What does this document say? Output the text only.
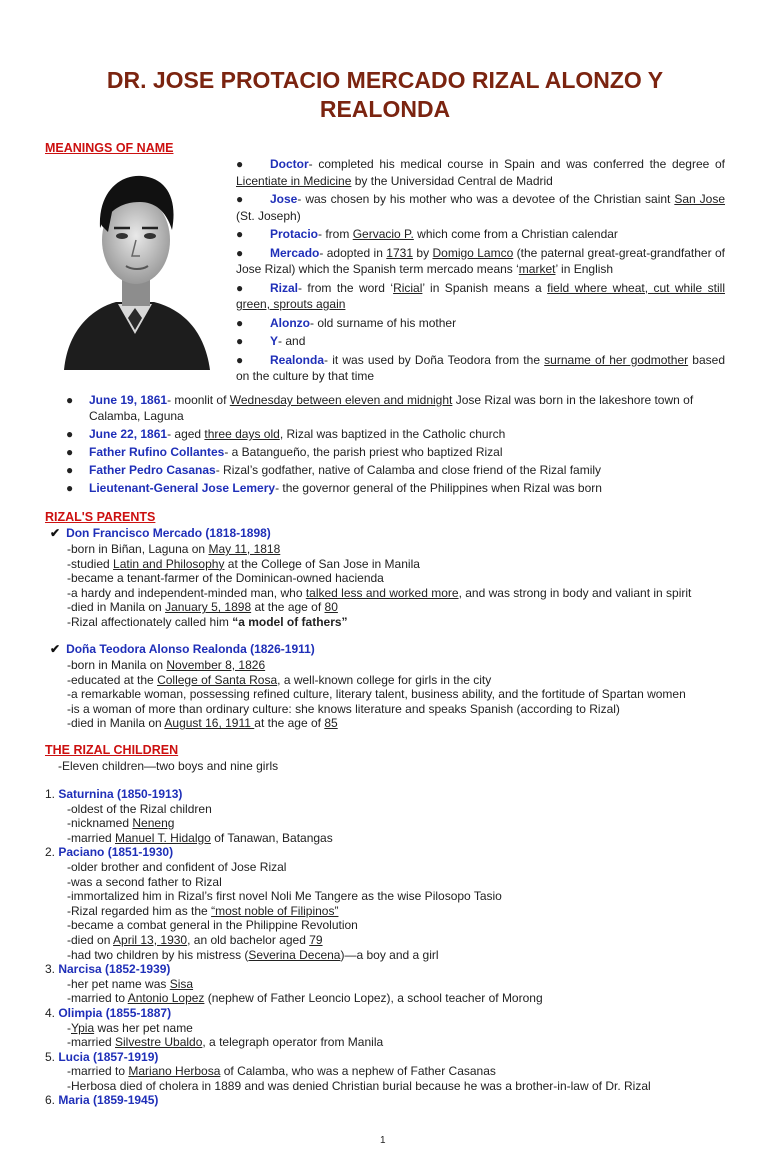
DR. JOSE PROTACIO MERCADO RIZAL ALONZO Y REALONDA
MEANINGS OF NAME
● Doctor- completed his medical course in Spain and was conferred the degree of Licentiate in Medicine by the Universidad Central de Madrid
● Jose- was chosen by his mother who was a devotee of the Christian saint San Jose (St. Joseph)
● Protacio- from Gervacio P. which come from a Christian calendar
● Mercado- adopted in 1731 by Domigo Lamco (the paternal great-great-grandfather of Jose Rizal) which the Spanish term mercado means ‘market’ in English
● Rizal- from the word ‘Ricial’ in Spanish means a field where wheat, cut while still green, sprouts again
● Alonzo- old surname of his mother
● Y- and
● Realonda- it was used by Doña Teodora from the surname of her godmother based on the culture by that time
● June 19, 1861- moonlit of Wednesday between eleven and midnight Jose Rizal was born in the lakeshore town of Calamba, Laguna
● June 22, 1861- aged three days old, Rizal was baptized in the Catholic church
● Father Rufino Collantes- a Batangueño, the parish priest who baptized Rizal
● Father Pedro Casanas- Rizal’s godfather, native of Calamba and close friend of the Rizal family
● Lieutenant-General Jose Lemery- the governor general of the Philippines when Rizal was born
RIZAL'S PARENTS
✔ Don Francisco Mercado (1818-1898)
-born in Biñan, Laguna on May 11, 1818
-studied Latin and Philosophy at the College of San Jose in Manila
-became a tenant-farmer of the Dominican-owned hacienda
-a hardy and independent-minded man, who talked less and worked more, and was strong in body and valiant in spirit
-died in Manila on January 5, 1898 at the age of 80
-Rizal affectionately called him “a model of fathers”
✔ Doña Teodora Alonso Realonda (1826-1911)
-born in Manila on November 8, 1826
-educated at the College of Santa Rosa, a well-known college for girls in the city
-a remarkable woman, possessing refined culture, literary talent, business ability, and the fortitude of Spartan women
-is a woman of more than ordinary culture: she knows literature and speaks Spanish (according to Rizal)
-died in Manila on August 16, 1911 at the age of 85
THE RIZAL CHILDREN
-Eleven children—two boys and nine girls
1. Saturnina (1850-1913)
-oldest of the Rizal children
-nicknamed Neneng
-married Manuel T. Hidalgo of Tanawan, Batangas
2. Paciano (1851-1930)
-older brother and confident of Jose Rizal
-was a second father to Rizal
-immortalized him in Rizal’s first novel Noli Me Tangere as the wise Pilosopo Tasio
-Rizal regarded him as the “most noble of Filipinos”
-became a combat general in the Philippine Revolution
-died on April 13, 1930, an old bachelor aged 79
-had two children by his mistress (Severina Decena)—a boy and a girl
3. Narcisa (1852-1939)
-her pet name was Sisa
-married to Antonio Lopez (nephew of Father Leoncio Lopez), a school teacher of Morong
4. Olimpia (1855-1887)
-Ypia was her pet name
-married Silvestre Ubaldo, a telegraph operator from Manila
5. Lucia (1857-1919)
-married to Mariano Herbosa of Calamba, who was a nephew of Father Casanas
-Herbosa died of cholera in 1889 and was denied Christian burial because he was a brother-in-law of Dr. Rizal
6. Maria (1859-1945)
1
